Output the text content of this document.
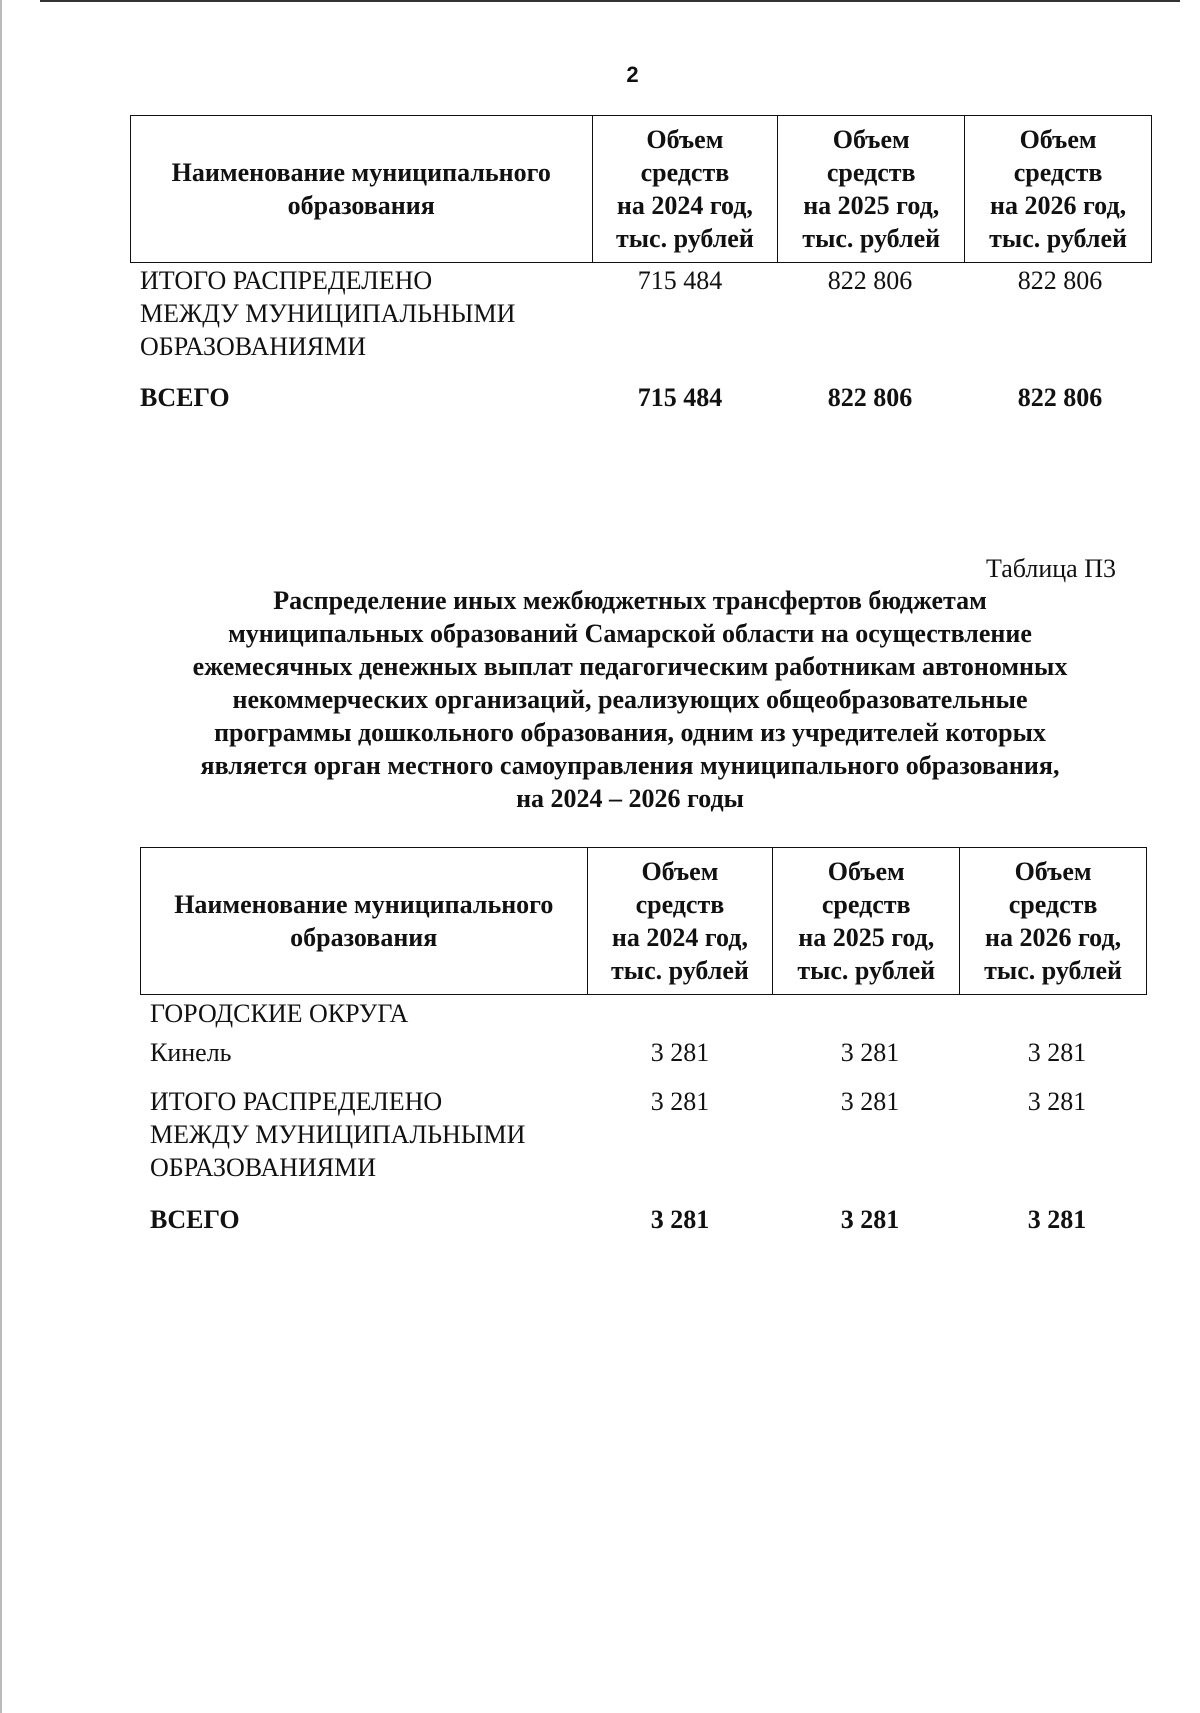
2
Наименование муниципального
образования

Объем
средств
на 2024 год,
тыс. рублей

Объем
средств
на 2025 год,
тыс. рублей

Объем
средств
на 2026 год,
тыс. рублей
ИТОГО РАСПРЕДЕЛЕНО
МЕЖДУ МУНИЦИПАЛЬНЫМИ
ОБРАЗОВАНИЯМИ
715 484	822 806	822 806
ВСЕГО	715 484	822 806	822 806
Таблица П3
Распределение иных межбюджетных трансфертов бюджетам
муниципальных образований Самарской области на осуществление
ежемесячных денежных выплат педагогическим работникам автономных
некоммерческих организаций, реализующих общеобразовательные
программы дошкольного образования, одним из учредителей которых
является орган местного самоуправления муниципального образования,
на 2024 – 2026 годы
Наименование муниципального
образования

Объем
средств
на 2024 год,
тыс. рублей

Объем
средств
на 2025 год,
тыс. рублей

Объем
средств
на 2026 год,
тыс. рублей
ГОРОДСКИЕ ОКРУГА
Кинель	3 281	3 281	3 281
ИТОГО РАСПРЕДЕЛЕНО
МЕЖДУ МУНИЦИПАЛЬНЫМИ
ОБРАЗОВАНИЯМИ
3 281	3 281	3 281
ВСЕГО	3 281	3 281	3 281
